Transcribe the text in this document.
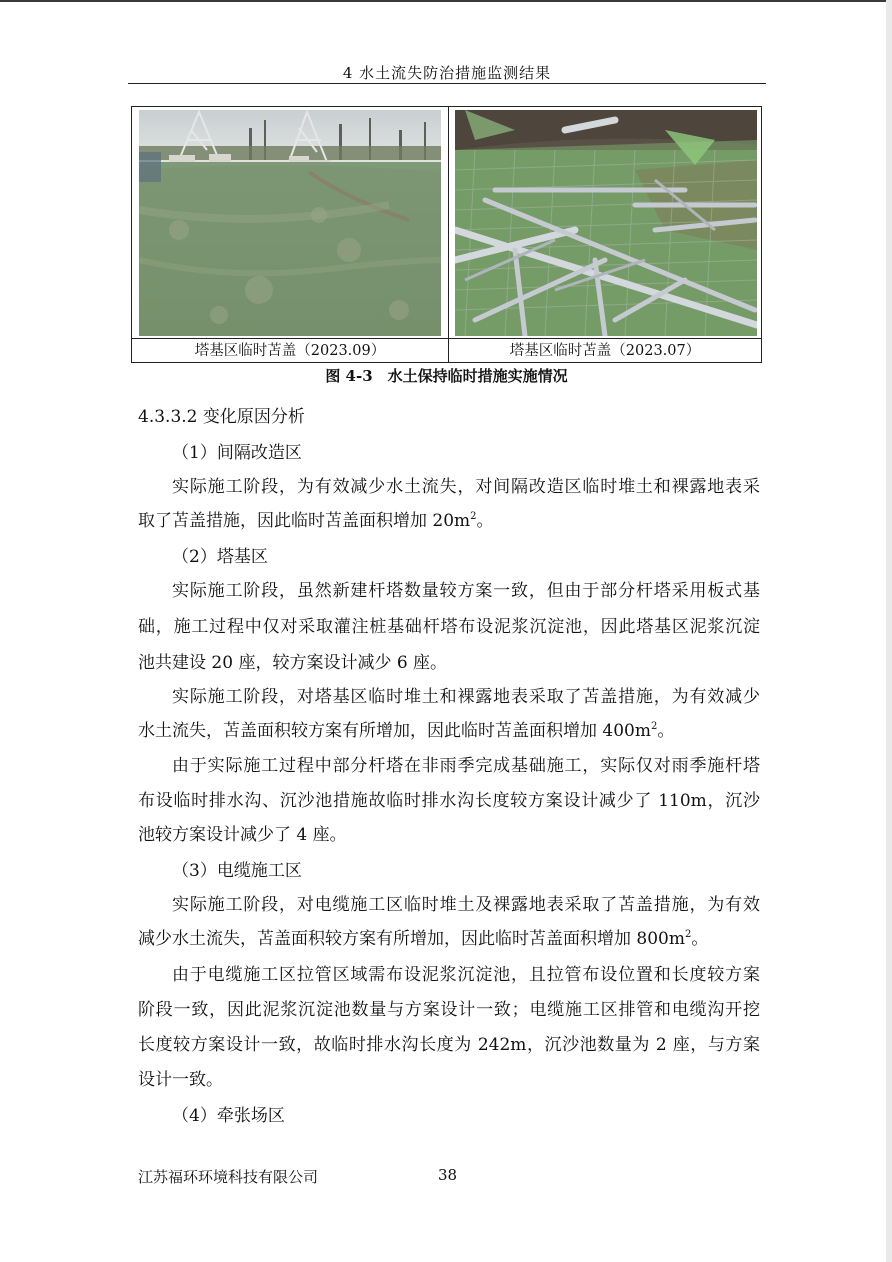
4 水土流失防治措施监测结果
塔基区临时苫盖（2023.09）	塔基区临时苫盖（2023.07）
图 4-3　水土保持临时措施实施情况
4.3.3.2 变化原因分析
（1）间隔改造区
实际施工阶段，为有效减少水土流失，对间隔改造区临时堆土和裸露地表采
取了苫盖措施，因此临时苫盖面积增加 $20m^2$。
（2）塔基区
实际施工阶段，虽然新建杆塔数量较方案一致，但由于部分杆塔采用板式基
础，施工过程中仅对采取灌注桩基础杆塔布设泥浆沉淀池，因此塔基区泥浆沉淀
池共建设 20 座，较方案设计减少 6 座。
实际施工阶段，对塔基区临时堆土和裸露地表采取了苫盖措施，为有效减少
水土流失，苫盖面积较方案有所增加，因此临时苫盖面积增加 $400m^2$。
由于实际施工过程中部分杆塔在非雨季完成基础施工，实际仅对雨季施杆塔
布设临时排水沟、沉沙池措施故临时排水沟长度较方案设计减少了 110m，沉沙
池较方案设计减少了 4 座。
（3）电缆施工区
实际施工阶段，对电缆施工区临时堆土及裸露地表采取了苫盖措施，为有效
减少水土流失，苫盖面积较方案有所增加，因此临时苫盖面积增加 $800m^2$。
由于电缆施工区拉管区域需布设泥浆沉淀池，且拉管布设位置和长度较方案
阶段一致，因此泥浆沉淀池数量与方案设计一致；电缆施工区排管和电缆沟开挖
长度较方案设计一致，故临时排水沟长度为 242m，沉沙池数量为 2 座，与方案
设计一致。
（4）牵张场区
江苏福环环境科技有限公司	38
